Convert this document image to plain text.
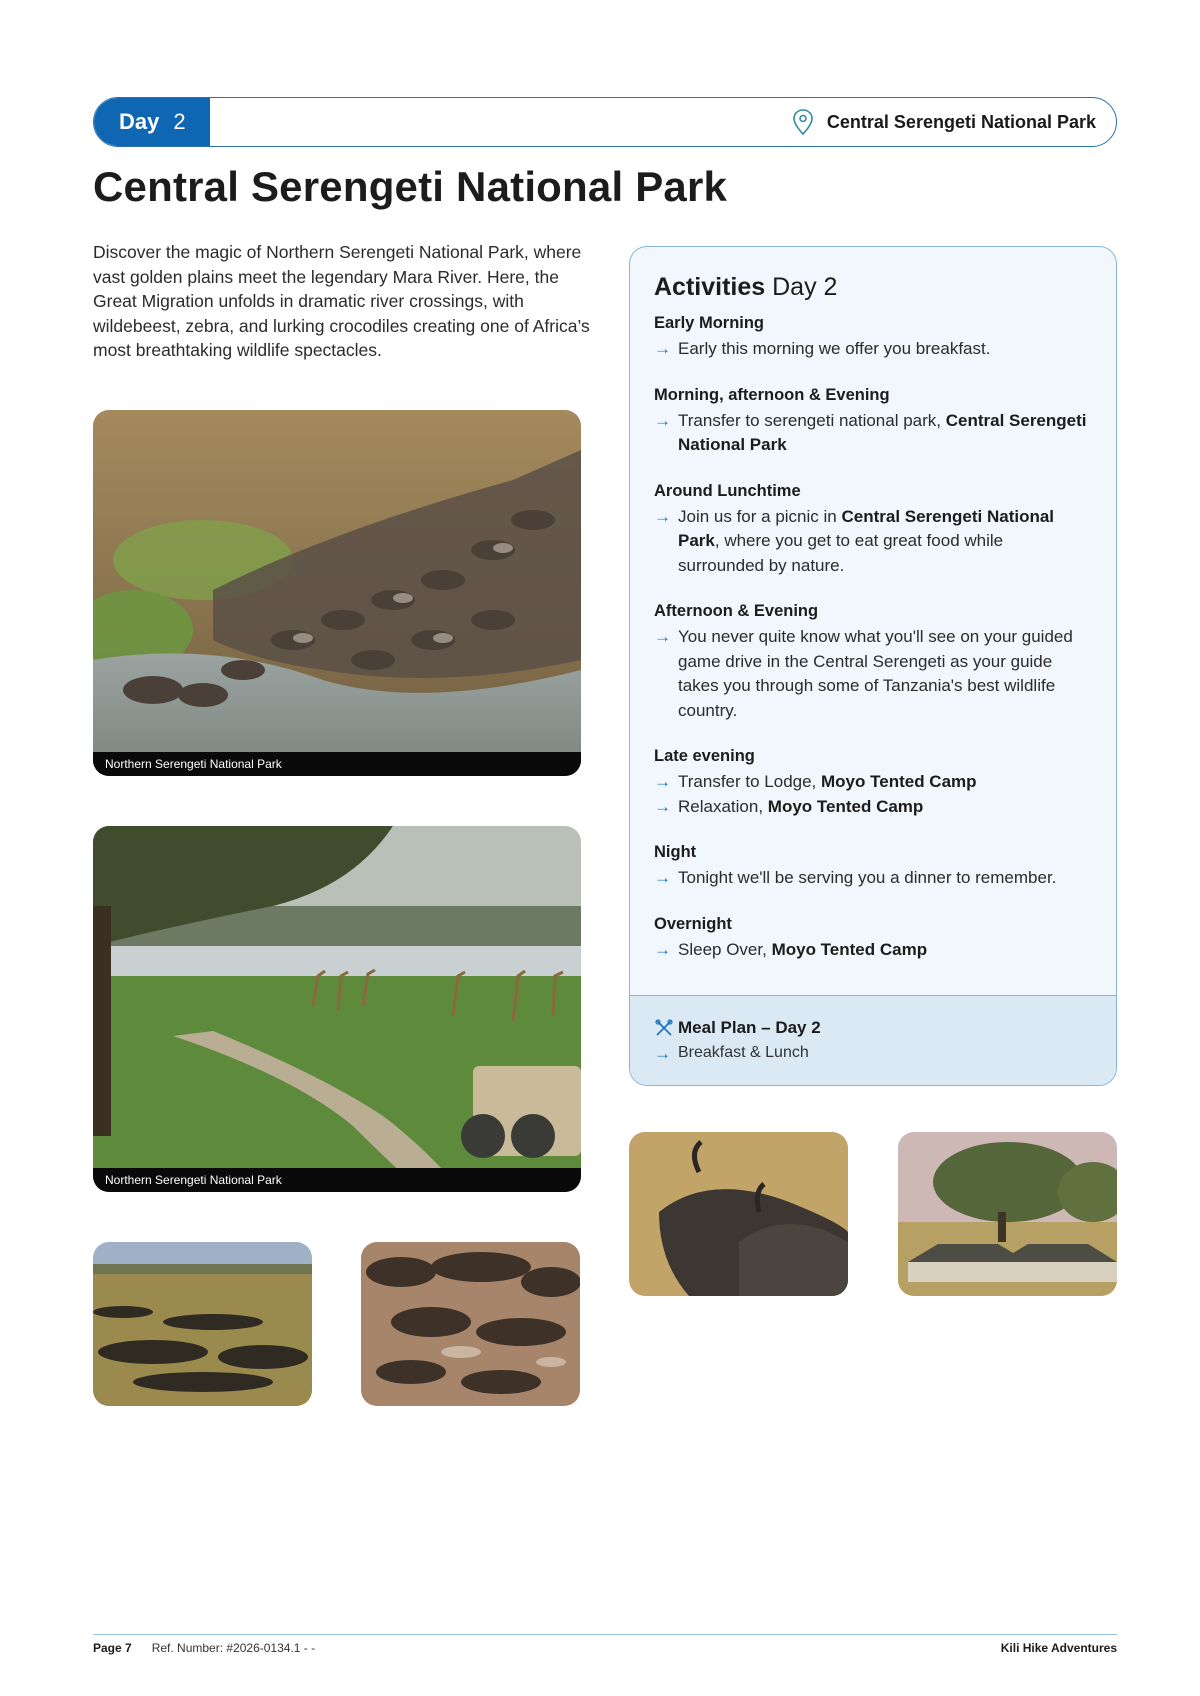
Day 2	Central Serengeti National Park
Central Serengeti National Park

Discover the magic of Northern Serengeti National Park, where vast golden plains meet the legendary Mara River. Here, the Great Migration unfolds in dramatic river crossings, with wildebeest, zebra, and lurking crocodiles creating one of Africa’s most breathtaking wildlife spectacles.

Northern Serengeti National Park
Northern Serengeti National Park
Activities Day 2
Early Morning
→ Early this morning we offer you breakfast.
Morning, afternoon & Evening
→ Transfer to serengeti national park, Central Serengeti National Park
Around Lunchtime
→ Join us for a picnic in Central Serengeti National Park, where you get to eat great food while surrounded by nature.
Afternoon & Evening
→ You never quite know what you'll see on your guided game drive in the Central Serengeti as your guide takes you through some of Tanzania's best wildlife country.
Late evening
→ Transfer to Lodge, Moyo Tented Camp
→ Relaxation, Moyo Tented Camp
Night
→ Tonight we'll be serving you a dinner to remember.
Overnight
→ Sleep Over, Moyo Tented Camp
Meal Plan – Day 2
→ Breakfast & Lunch
Page 7 Ref. Number: #2026-0134.1 - -	Kili Hike Adventures
